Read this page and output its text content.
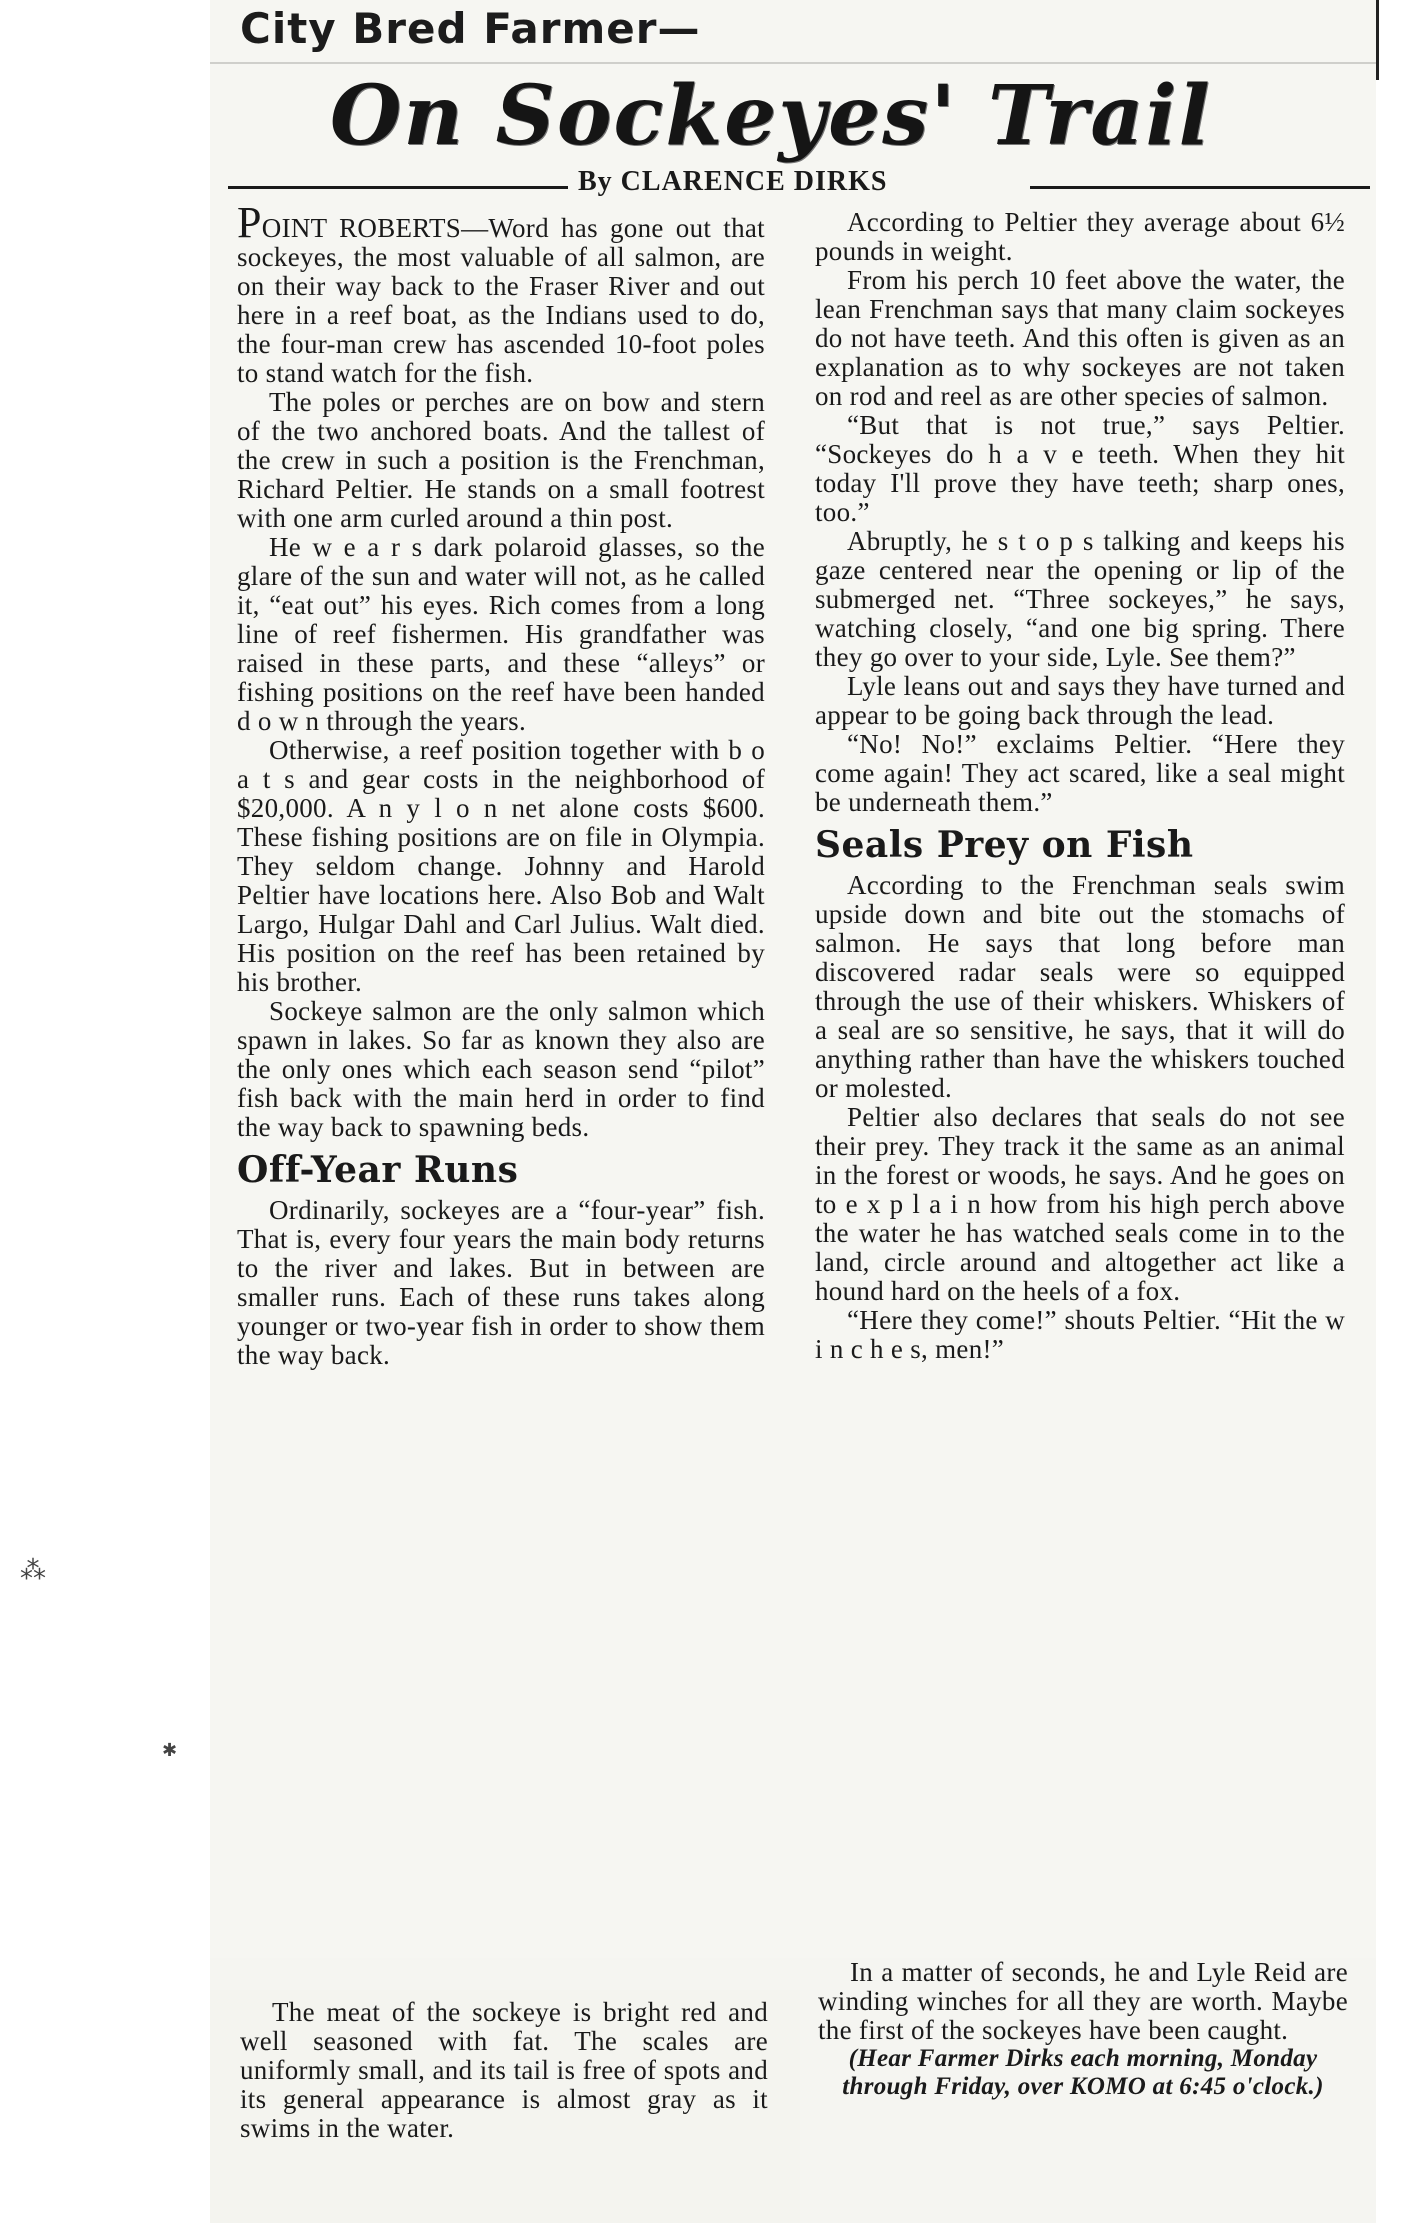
⁂
✱
City Bred Farmer—
On Sockeyes' Trail
By CLARENCE DIRKS

POINT ROBERTS—Word has gone out that sockeyes, the most valuable of all salmon, are on their way back to the Fraser River and out here in a reef boat, as the Indians used to do, the four-man crew has ascended 10-foot poles to stand watch for the fish.

The poles or perches are on bow and stern of the two anchored boats. And the tallest of the crew in such a position is the Frenchman, Richard Peltier. He stands on a small footrest with one arm curled around a thin post.

He w e a r s dark polaroid glasses, so the glare of the sun and water will not, as he called it, “eat out” his eyes. Rich comes from a long line of reef fishermen. His grandfather was raised in these parts, and these “alleys” or fishing positions on the reef have been handed d o w n through the years.

Otherwise, a reef position together with b o a t s and gear costs in the neighborhood of $20,000. A n y l o n net alone costs $600. These fishing positions are on file in Olympia. They seldom change. Johnny and Harold Peltier have locations here. Also Bob and Walt Largo, Hulgar Dahl and Carl Julius. Walt died. His position on the reef has been retained by his brother.

Sockeye salmon are the only salmon which spawn in lakes. So far as known they also are the only ones which each season send “pilot” fish back with the main herd in order to find the way back to spawning beds.

Off-Year Runs

Ordinarily, sockeyes are a “four-year” fish. That is, every four years the main body returns to the river and lakes. But in between are smaller runs. Each of these runs takes along younger or two-year fish in order to show them the way back.

According to Peltier they average about 6½ pounds in weight.

From his perch 10 feet above the water, the lean Frenchman says that many claim sockeyes do not have teeth. And this often is given as an explanation as to why sockeyes are not taken on rod and reel as are other species of salmon.

“But that is not true,” says Peltier. “Sockeyes do h a v e teeth. When they hit today I'll prove they have teeth; sharp ones, too.”

Abruptly, he s t o p s talking and keeps his gaze centered near the opening or lip of the submerged net. “Three sockeyes,” he says, watching closely, “and one big spring. There they go over to your side, Lyle. See them?”

Lyle leans out and says they have turned and appear to be going back through the lead.

“No! No!” exclaims Peltier. “Here they come again! They act scared, like a seal might be underneath them.”

Seals Prey on Fish

According to the Frenchman seals swim upside down and bite out the stomachs of salmon. He says that long before man discovered radar seals were so equipped through the use of their whiskers. Whiskers of a seal are so sensitive, he says, that it will do anything rather than have the whiskers touched or molested.

Peltier also declares that seals do not see their prey. They track it the same as an animal in the forest or woods, he says. And he goes on to e x p l a i n how from his high perch above the water he has watched seals come in to the land, circle around and altogether act like a hound hard on the heels of a fox.

“Here they come!” shouts Peltier. “Hit the w i n c h e s, men!”

The meat of the sockeye is bright red and well seasoned with fat. The scales are uniformly small, and its tail is free of spots and its general appearance is almost gray as it swims in the water.

In a matter of seconds, he and Lyle Reid are winding winches for all they are worth. Maybe the first of the sockeyes have been caught.

(Hear Farmer Dirks each morning, Monday through Friday, over KOMO at 6:45 o'clock.)
